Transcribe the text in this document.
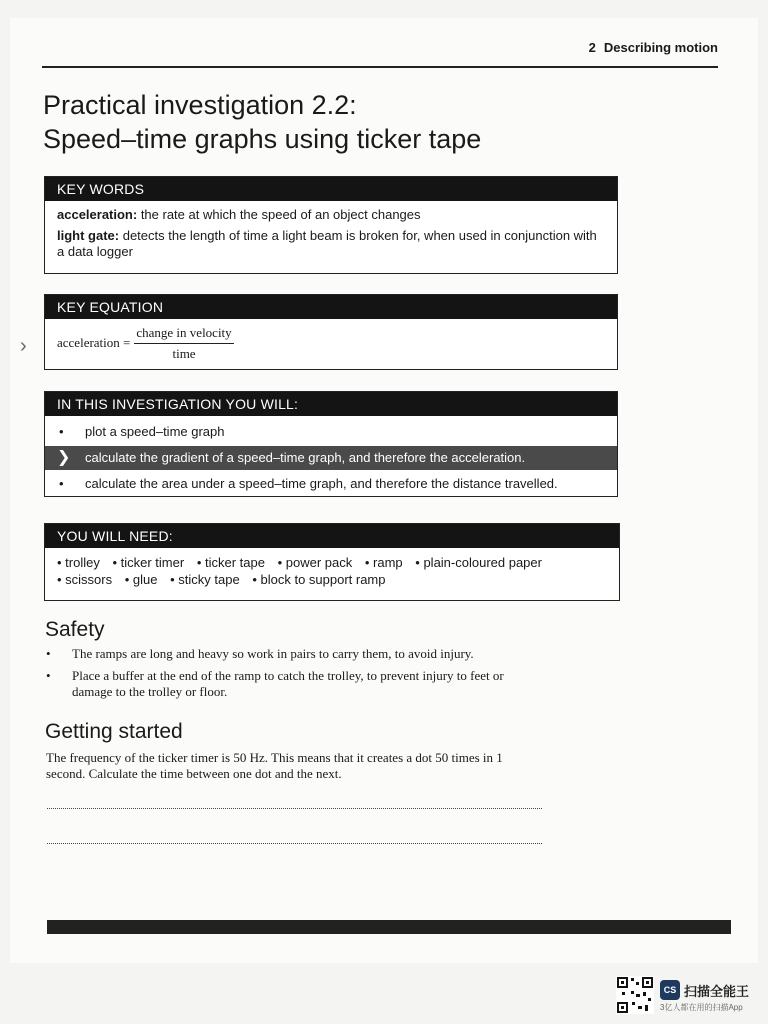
2 Describing motion
Practical investigation 2.2:
Speed–time graphs using ticker tape
KEY WORDS

acceleration: the rate at which the speed of an object changes

light gate: detects the length of time a light beam is broken for, when used in conjunction with a data logger

›
KEY EQUATION
acceleration = $\frac{\text{change in velocity}}{\text{time}}$
IN THIS INVESTIGATION YOU WILL:
• plot a speed–time graph
❯ calculate the gradient of a speed–time graph, and therefore the acceleration.
• calculate the area under a speed–time graph, and therefore the distance travelled.
YOU WILL NEED:
• trolley • ticker timer • ticker tape • power pack • ramp • plain-coloured paper
• scissors • glue • sticky tape • block to support ramp
Safety
• The ramps are long and heavy so work in pairs to carry them, to avoid injury.
• Place a buffer at the end of the ramp to catch the trolley, to prevent injury to feet or damage to the trolley or floor.
Getting started

The frequency of the ticker timer is 50 Hz. This means that it creates a dot 50 times in 1 second. Calculate the time between one dot and the next.

CS 扫描全能王
3亿人都在用的扫描App
